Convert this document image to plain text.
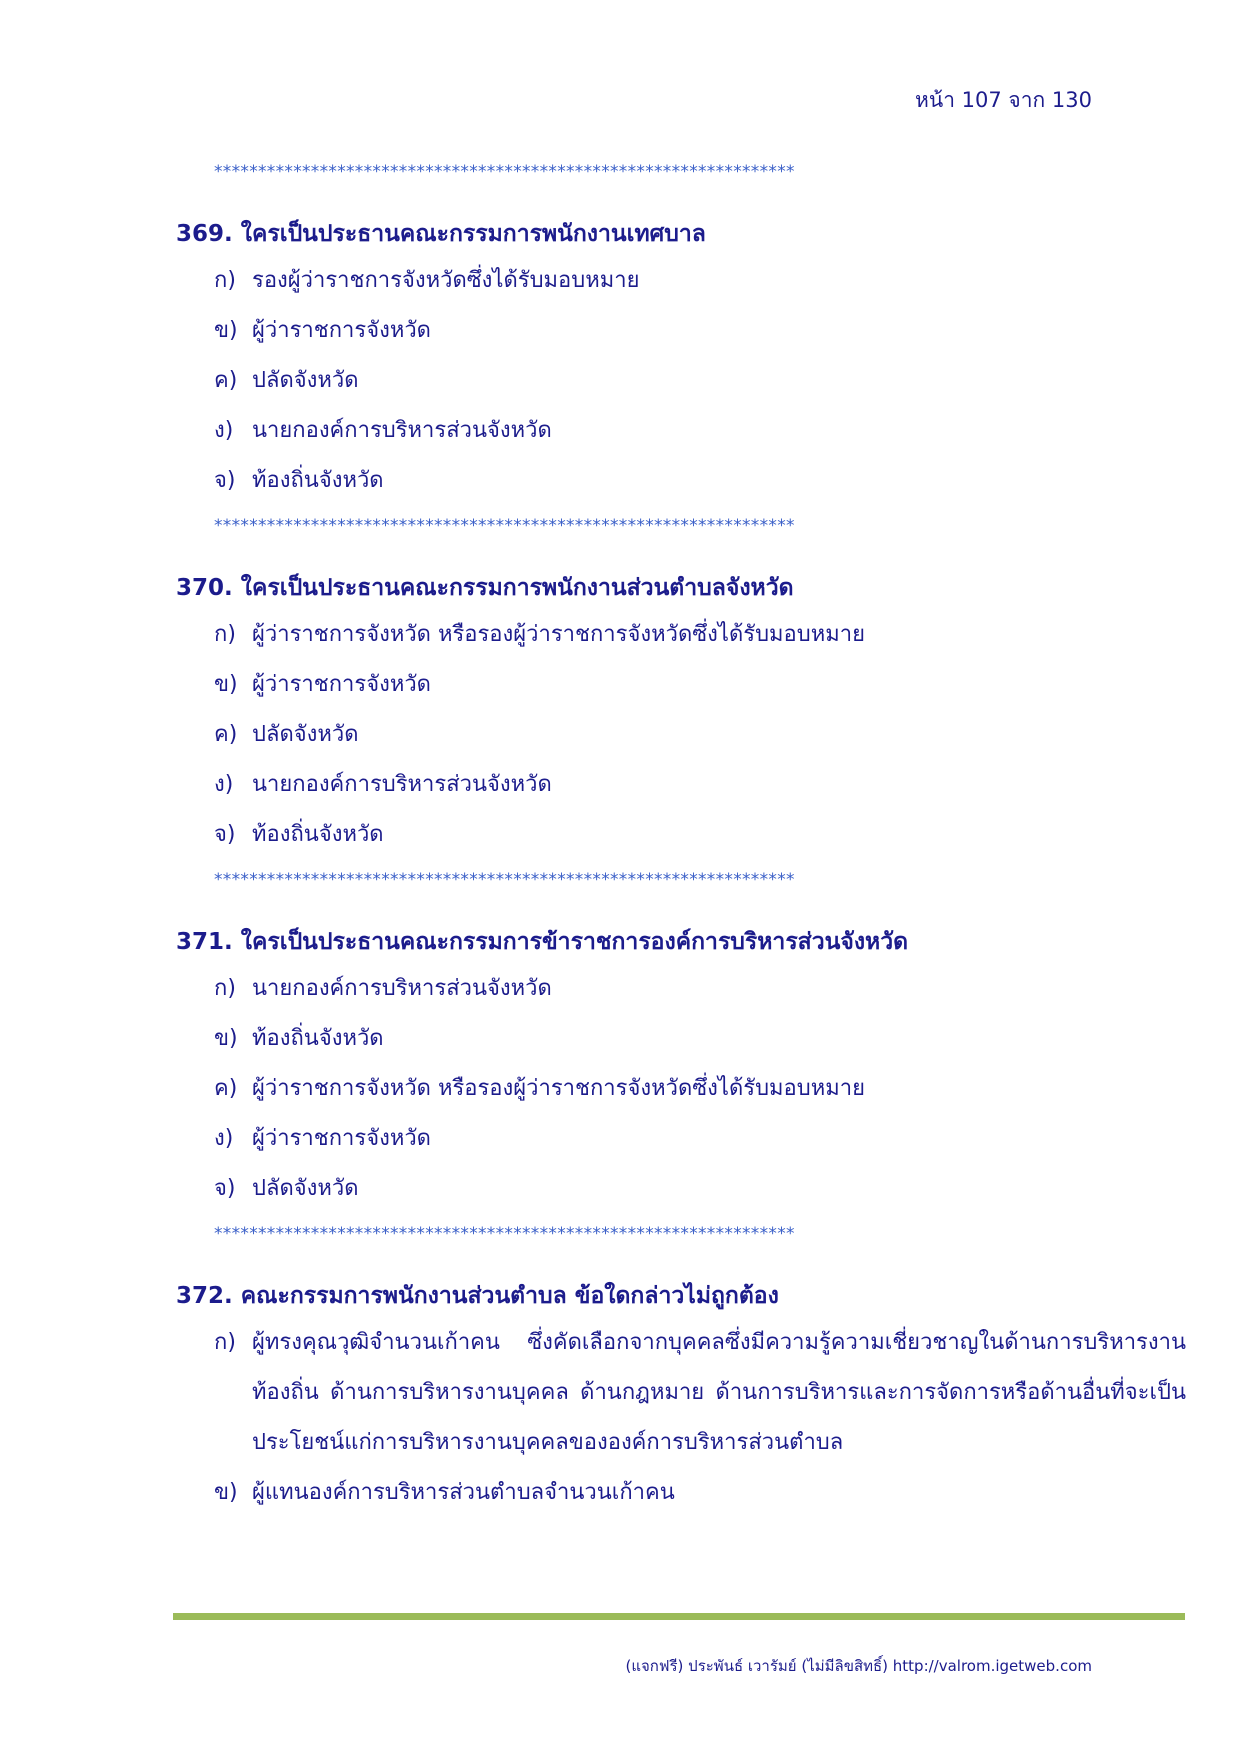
หน้า 107 จาก 130
******************************************************************
369. ใครเป็นประธานคณะกรรมการพนักงานเทศบาล
ก) รองผู้ว่าราชการจังหวัดซึ่งได้รับมอบหมาย
ข) ผู้ว่าราชการจังหวัด
ค) ปลัดจังหวัด
ง) นายกองค์การบริหารส่วนจังหวัด
จ) ท้องถิ่นจังหวัด
******************************************************************
370. ใครเป็นประธานคณะกรรมการพนักงานส่วนตำบลจังหวัด
ก) ผู้ว่าราชการจังหวัด หรือรองผู้ว่าราชการจังหวัดซึ่งได้รับมอบหมาย
ข) ผู้ว่าราชการจังหวัด
ค) ปลัดจังหวัด
ง) นายกองค์การบริหารส่วนจังหวัด
จ) ท้องถิ่นจังหวัด
******************************************************************
371. ใครเป็นประธานคณะกรรมการข้าราชการองค์การบริหารส่วนจังหวัด
ก) นายกองค์การบริหารส่วนจังหวัด
ข) ท้องถิ่นจังหวัด
ค) ผู้ว่าราชการจังหวัด หรือรองผู้ว่าราชการจังหวัดซึ่งได้รับมอบหมาย
ง) ผู้ว่าราชการจังหวัด
จ) ปลัดจังหวัด
******************************************************************
372. คณะกรรมการพนักงานส่วนตำบล ข้อใดกล่าวไม่ถูกต้อง
ก) ผู้ทรงคุณวุฒิจำนวนเก้าคน ซึ่งคัดเลือกจากบุคคลซึ่งมีความรู้ความเชี่ยวชาญในด้านการบริหารงานท้องถิ่น ด้านการบริหารงานบุคคล ด้านกฎหมาย ด้านการบริหารและการจัดการหรือด้านอื่นที่จะเป็นประโยชน์แก่การบริหารงานบุคคลขององค์การบริหารส่วนตำบล
ข) ผู้แทนองค์การบริหารส่วนตำบลจำนวนเก้าคน
(แจกฟรี) ประพันธ์ เวารัมย์ (ไม่มีลิขสิทธิ์) http://valrom.igetweb.com
